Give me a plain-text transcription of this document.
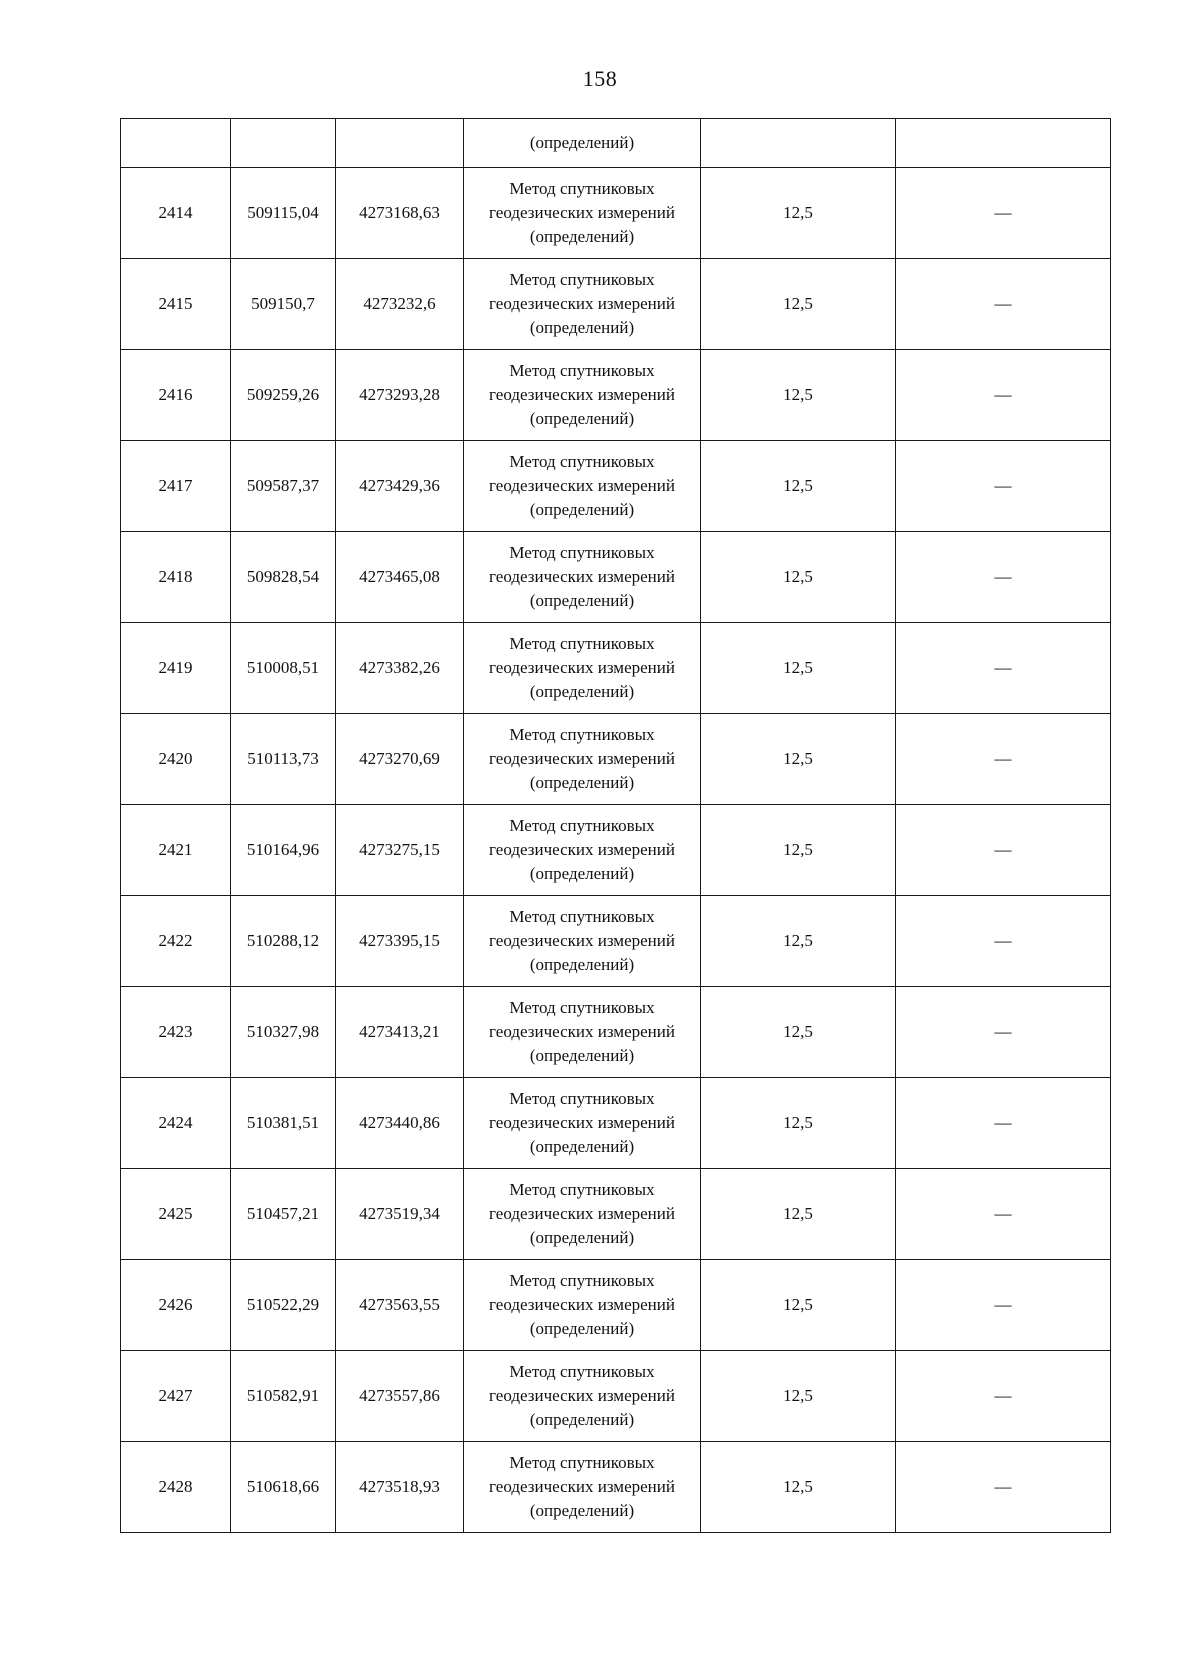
158
			(определений)		
2414	509115,04	4273168,63	Метод спутниковых
геодезических измерений
(определений)	12,5	—
2415	509150,7	4273232,6	Метод спутниковых
геодезических измерений
(определений)	12,5	—
2416	509259,26	4273293,28	Метод спутниковых
геодезических измерений
(определений)	12,5	—
2417	509587,37	4273429,36	Метод спутниковых
геодезических измерений
(определений)	12,5	—
2418	509828,54	4273465,08	Метод спутниковых
геодезических измерений
(определений)	12,5	—
2419	510008,51	4273382,26	Метод спутниковых
геодезических измерений
(определений)	12,5	—
2420	510113,73	4273270,69	Метод спутниковых
геодезических измерений
(определений)	12,5	—
2421	510164,96	4273275,15	Метод спутниковых
геодезических измерений
(определений)	12,5	—
2422	510288,12	4273395,15	Метод спутниковых
геодезических измерений
(определений)	12,5	—
2423	510327,98	4273413,21	Метод спутниковых
геодезических измерений
(определений)	12,5	—
2424	510381,51	4273440,86	Метод спутниковых
геодезических измерений
(определений)	12,5	—
2425	510457,21	4273519,34	Метод спутниковых
геодезических измерений
(определений)	12,5	—
2426	510522,29	4273563,55	Метод спутниковых
геодезических измерений
(определений)	12,5	—
2427	510582,91	4273557,86	Метод спутниковых
геодезических измерений
(определений)	12,5	—
2428	510618,66	4273518,93	Метод спутниковых
геодезических измерений
(определений)	12,5	—
